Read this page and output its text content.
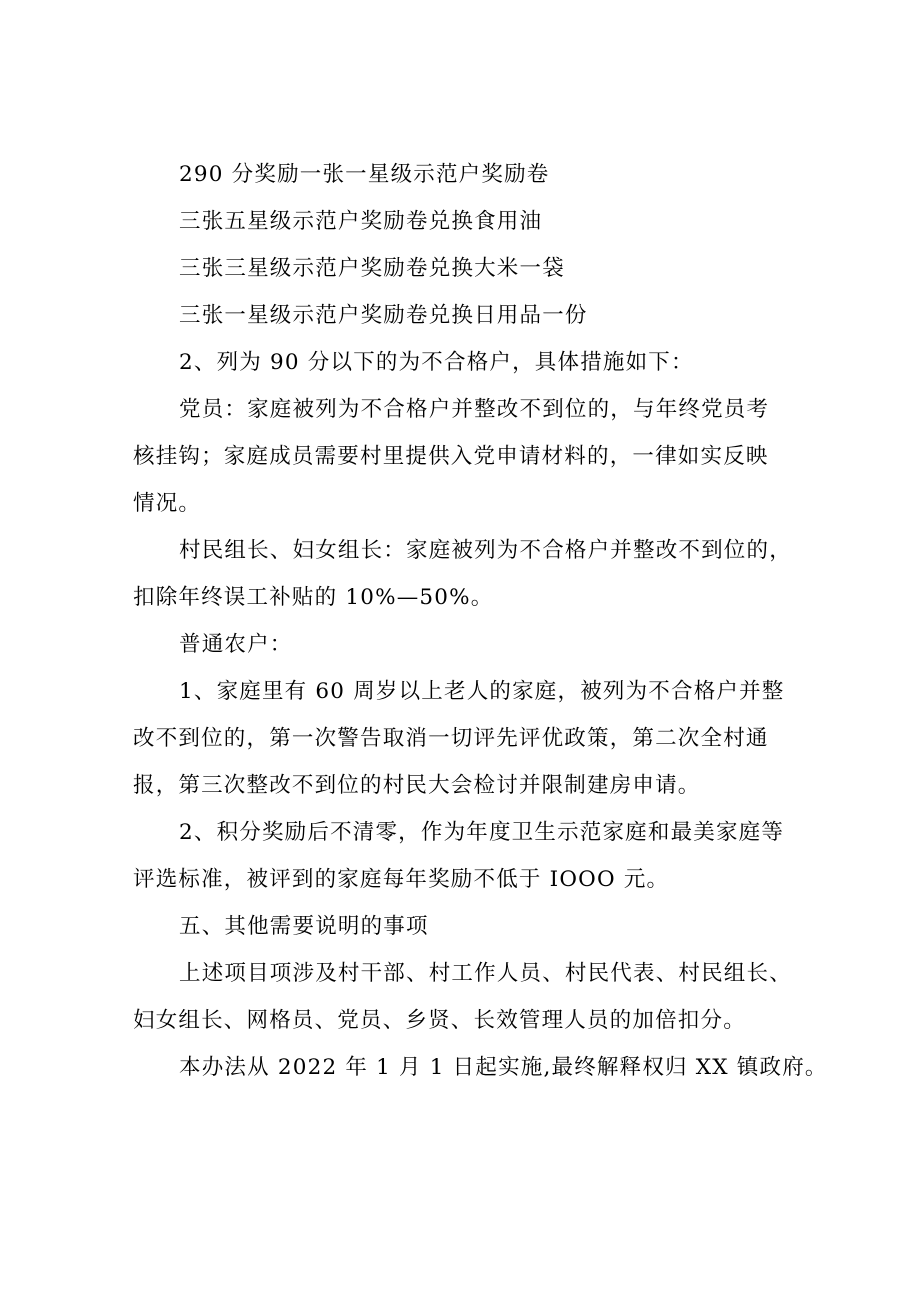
290 分奖励一张一星级示范户奖励卷
三张五星级示范户奖励卷兑换食用油
三张三星级示范户奖励卷兑换大米一袋
三张一星级示范户奖励卷兑换日用品一份
2、列为 90 分以下的为不合格户，具体措施如下：
党员：家庭被列为不合格户并整改不到位的，与年终党员考
核挂钩；家庭成员需要村里提供入党申请材料的，一律如实反映
情况。
村民组长、妇女组长：家庭被列为不合格户并整改不到位的，
扣除年终误工补贴的 10%—50%。
普通农户：
1、家庭里有 60 周岁以上老人的家庭，被列为不合格户并整
改不到位的，第一次警告取消一切评先评优政策，第二次全村通
报，第三次整改不到位的村民大会检讨并限制建房申请。
2、积分奖励后不清零，作为年度卫生示范家庭和最美家庭等
评选标准，被评到的家庭每年奖励不低于 IOOO 元。
五、其他需要说明的事项
上述项目项涉及村干部、村工作人员、村民代表、村民组长、
妇女组长、网格员、党员、乡贤、长效管理人员的加倍扣分。
本办法从 2022 年 1 月 1 日起实施,最终解释权归 XX 镇政府。
